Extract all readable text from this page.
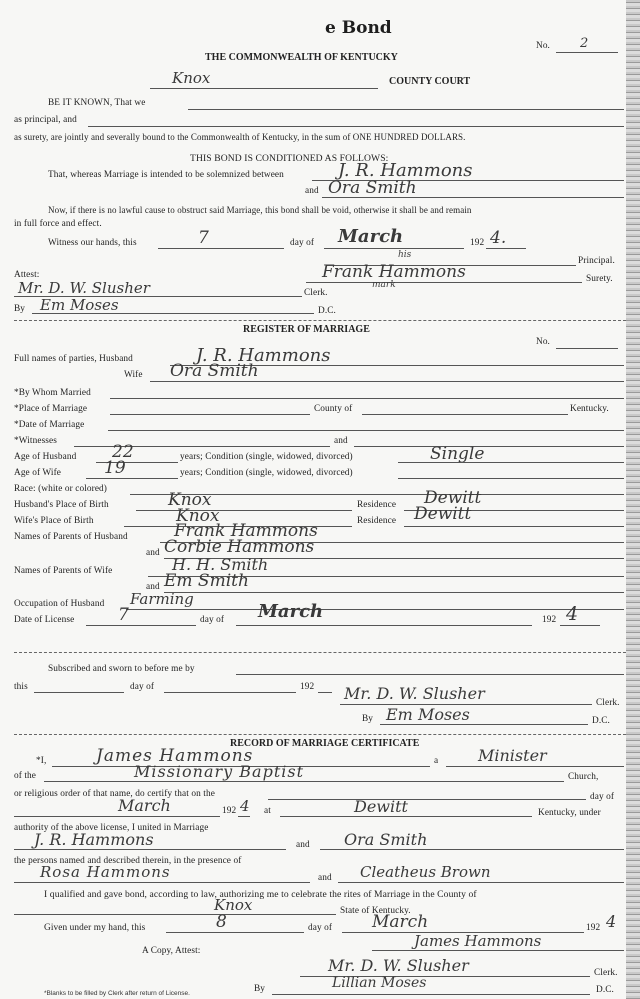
e Bond
No. 2
THE COMMONWEALTH OF KENTUCKY
Knox	COUNTY COURT
BE IT KNOWN, That we
as principal, and
as surety, are jointly and severally bound to the Commonwealth of Kentucky, in the sum of ONE HUNDRED DOLLARS.
THIS BOND IS CONDITIONED AS FOLLOWS:
That, whereas Marriage is intended to be solemnized between	J. R. Hammons
and Ora Smith
Now, if there is no lawful cause to obstruct said Marriage, this bond shall be void, otherwise it shall be and remain
in full force and effect.
Witness our hands, this	7	day of March	192 4.
Principal.
his
Frank Hammons	Surety.
mark
Attest:
Mr. D. W. Slusher	Clerk.
By Em Moses	D.C.
REGISTER OF MARRIAGE
No.
Full names of parties, Husband	J. R. Hammons
Wife Ora Smith
*By Whom Married
*Place of Marriage	County of	Kentucky.
*Date of Marriage
*Witnesses	and
Age of Husband 22	years; Condition (single, widowed, divorced)	Single
Age of Wife	19	years; Condition (single, widowed, divorced)
Race: (white or colored)
Husband's Place of Birth	Knox	Residence Dewitt
Wife's Place of Birth	Knox	Residence Dewitt
Names of Parents of Husband	Frank Hammons
and Corbie Hammons
Names of Parents of Wife	H. H. Smith
and Em Smith
Occupation of Husband Farming
Date of License	7	day of March	192 4
Subscribed and sworn to before me by
this	day of	192 Mr. D. W. Slusher	Clerk.
By Em Moses	D.C.
RECORD OF MARRIAGE CERTIFICATE
*I,	James Hammons	a Minister
of the	Missionary Baptist	Church,
or religious order of that name, do certify that on the	day of
March	192 4 at	Dewitt	Kentucky, under
authority of the above license, I united in Marriage
J. R. Hammons	and Ora Smith
the persons named and described therein, in the presence of
Rosa Hammons	and Cleatheus Brown
I qualified and gave bond, according to law, authorizing me to celebrate the rites of Marriage in the County of
Knox	State of Kentucky.
Given under my hand, this	8	day of March	192 4
James Hammons
A Copy, Attest:
Mr. D. W. Slusher	Clerk.
*Blanks to be filled by Clerk after return of License.	By	Lillian Moses	D.C.
